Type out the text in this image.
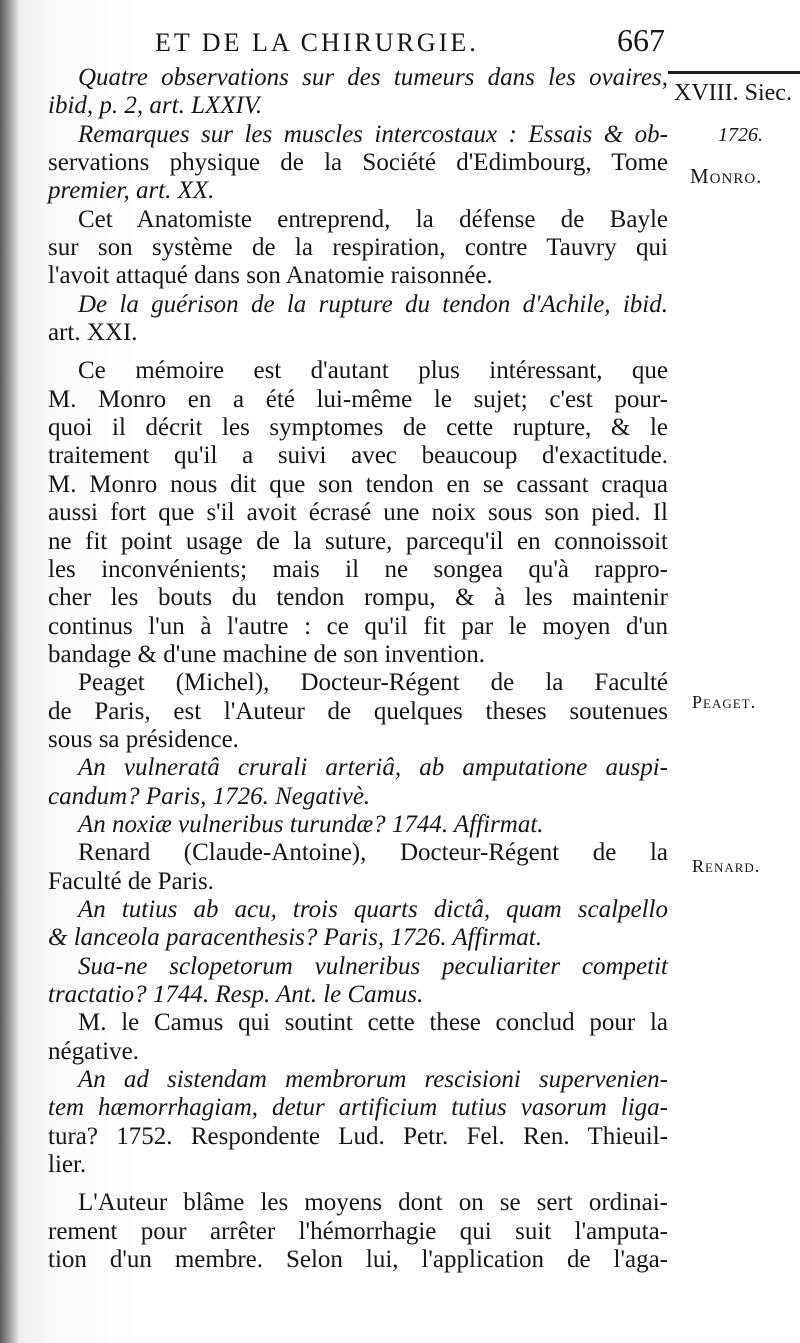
ET DE LA CHIRURGIE.	667
XVIII. Siec.
1726.
Monro.
Peaget.
Renard.
Quatre observations sur des tumeurs dans les ovaires,
ibid, p. 2, art. LXXIV.
Remarques sur les muscles intercostaux : Essais & ob-
servations physique de la Société d'Edimbourg, Tome
premier, art. XX.
Cet Anatomiste entreprend, la défense de Bayle
sur son système de la respiration, contre Tauvry qui
l'avoit attaqué dans son Anatomie raisonnée.
De la guérison de la rupture du tendon d'Achile, ibid.
art. XXI.
Ce mémoire est d'autant plus intéressant, que
M. Monro en a été lui-même le sujet; c'est pour-
quoi il décrit les symptomes de cette rupture, & le
traitement qu'il a suivi avec beaucoup d'exactitude.
M. Monro nous dit que son tendon en se cassant craqua
aussi fort que s'il avoit écrasé une noix sous son pied. Il
ne fit point usage de la suture, parcequ'il en connoissoit
les inconvénients; mais il ne songea qu'à rappro-
cher les bouts du tendon rompu, & à les maintenir
continus l'un à l'autre : ce qu'il fit par le moyen d'un
bandage & d'une machine de son invention.
Peaget (Michel), Docteur-Régent de la Faculté
de Paris, est l'Auteur de quelques theses soutenues
sous sa présidence.
An vulneratâ crurali arteriâ, ab amputatione auspi-
candum? Paris, 1726. Negativè.
An noxiæ vulneribus turundæ? 1744. Affirmat.
Renard (Claude-Antoine), Docteur-Régent de la
Faculté de Paris.
An tutius ab acu, trois quarts dictâ, quam scalpello
& lanceola paracenthesis? Paris, 1726. Affirmat.
Sua-ne sclopetorum vulneribus peculiariter competit
tractatio? 1744. Resp. Ant. le Camus.
M. le Camus qui soutint cette these conclud pour la
négative.
An ad sistendam membrorum rescisioni supervenien-
tem hæmorrhagiam, detur artificium tutius vasorum liga-
tura? 1752. Respondente Lud. Petr. Fel. Ren. Thieuil-
lier.
L'Auteur blâme les moyens dont on se sert ordinai-
rement pour arrêter l'hémorrhagie qui suit l'amputa-
tion d'un membre. Selon lui, l'application de l'aga-
